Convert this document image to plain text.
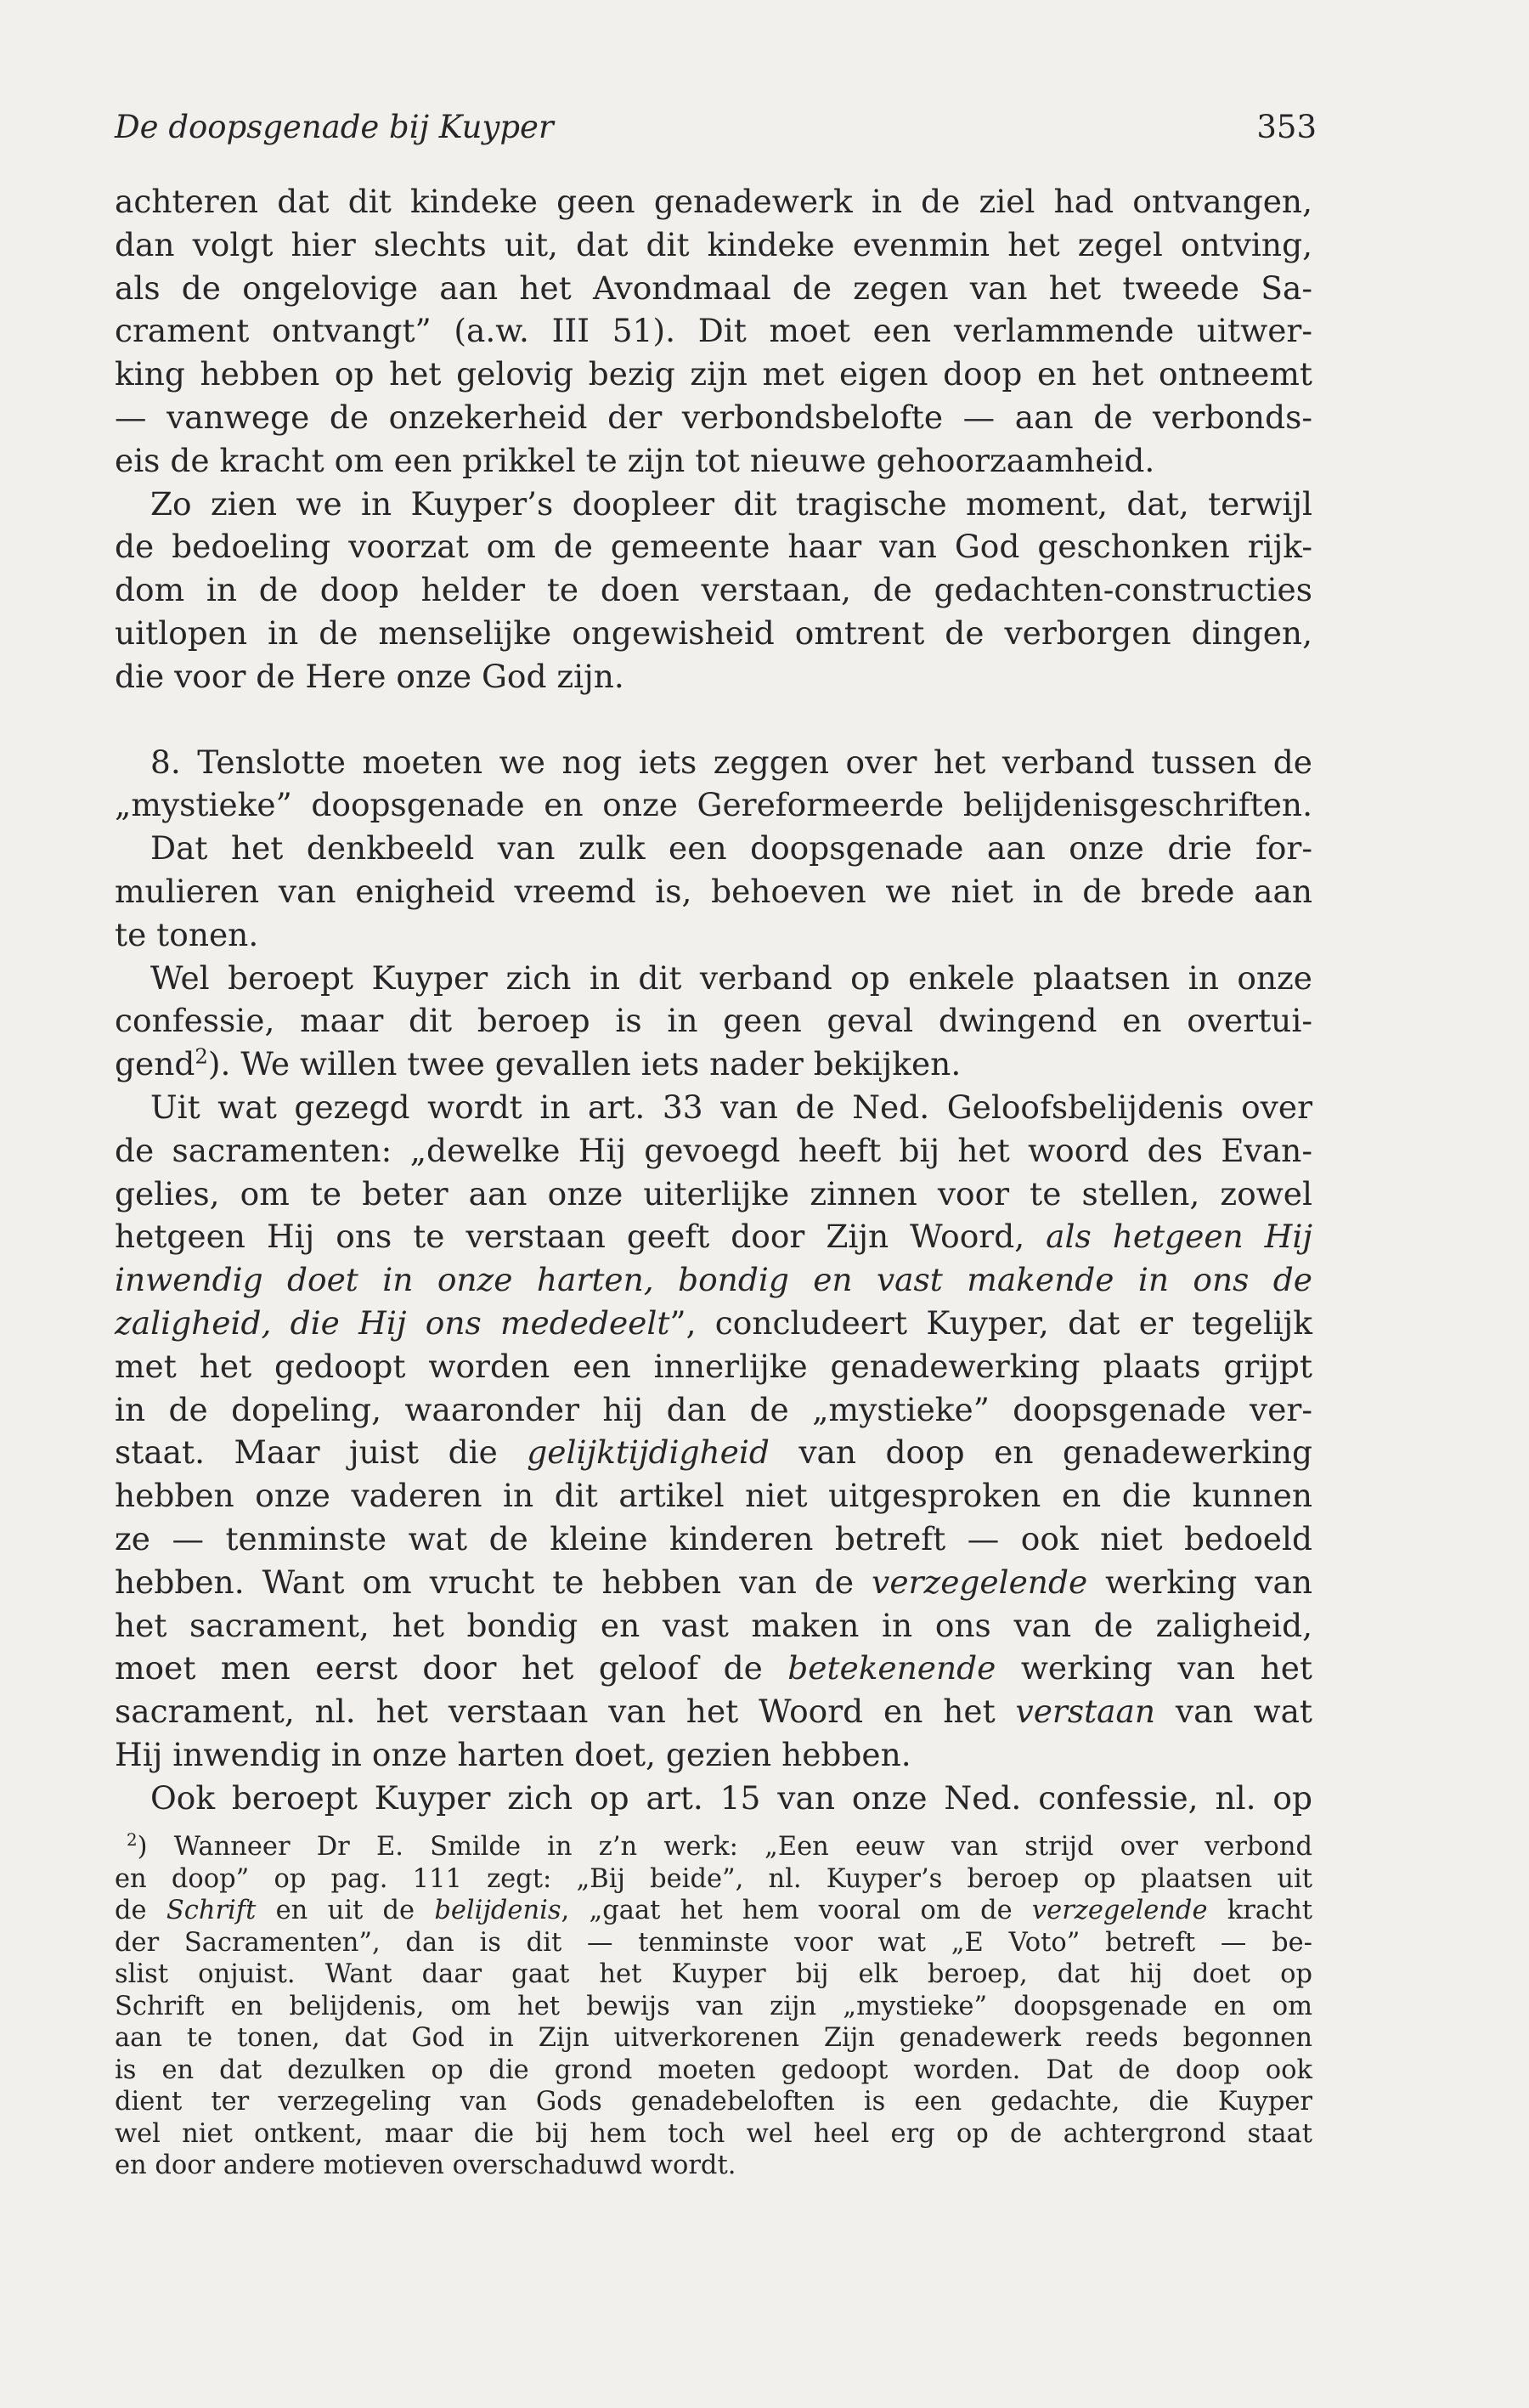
De doopsgenade bij Kuyper	353
achteren dat dit kindeke geen genadewerk in de ziel had ontvangen,
dan volgt hier slechts uit, dat dit kindeke evenmin het zegel ontving,
als de ongelovige aan het Avondmaal de zegen van het tweede Sa-
crament ontvangt” (a.w. III 51). Dit moet een verlammende uitwer-
king hebben op het gelovig bezig zijn met eigen doop en het ontneemt
— vanwege de onzekerheid der verbondsbelofte — aan de verbonds-
eis de kracht om een prikkel te zijn tot nieuwe gehoorzaamheid.
Zo zien we in Kuyper’s doopleer dit tragische moment, dat, terwijl
de bedoeling voorzat om de gemeente haar van God geschonken rijk-
dom in de doop helder te doen verstaan, de gedachten-constructies
uitlopen in de menselijke ongewisheid omtrent de verborgen dingen,
die voor de Here onze God zijn.
8. Tenslotte moeten we nog iets zeggen over het verband tussen de
„mystieke” doopsgenade en onze Gereformeerde belijdenisgeschriften.
Dat het denkbeeld van zulk een doopsgenade aan onze drie for-
mulieren van enigheid vreemd is, behoeven we niet in de brede aan
te tonen.
Wel beroept Kuyper zich in dit verband op enkele plaatsen in onze
confessie, maar dit beroep is in geen geval dwingend en overtui-
gend$^2$). We willen twee gevallen iets nader bekijken.
Uit wat gezegd wordt in art. 33 van de Ned. Geloofsbelijdenis over
de sacramenten: „dewelke Hij gevoegd heeft bij het woord des Evan-
gelies, om te beter aan onze uiterlijke zinnen voor te stellen, zowel
hetgeen Hij ons te verstaan geeft door Zijn Woord, als hetgeen Hij
inwendig doet in onze harten, bondig en vast makende in ons de
zaligheid, die Hij ons mededeelt”, concludeert Kuyper, dat er tegelijk
met het gedoopt worden een innerlijke genadewerking plaats grijpt
in de dopeling, waaronder hij dan de „mystieke” doopsgenade ver-
staat. Maar juist die gelijktijdigheid van doop en genadewerking
hebben onze vaderen in dit artikel niet uitgesproken en die kunnen
ze — tenminste wat de kleine kinderen betreft — ook niet bedoeld
hebben. Want om vrucht te hebben van de verzegelende werking van
het sacrament, het bondig en vast maken in ons van de zaligheid,
moet men eerst door het geloof de betekenende werking van het
sacrament, nl. het verstaan van het Woord en het verstaan van wat
Hij inwendig in onze harten doet, gezien hebben.
Ook beroept Kuyper zich op art. 15 van onze Ned. confessie, nl. op
$^2$) Wanneer Dr E. Smilde in z’n werk: „Een eeuw van strijd over verbond
en doop” op pag. 111 zegt: „Bij beide”, nl. Kuyper’s beroep op plaatsen uit
de Schrift en uit de belijdenis, „gaat het hem vooral om de verzegelende kracht
der Sacramenten”, dan is dit — tenminste voor wat „E Voto” betreft — be-
slist onjuist. Want daar gaat het Kuyper bij elk beroep, dat hij doet op
Schrift en belijdenis, om het bewijs van zijn „mystieke” doopsgenade en om
aan te tonen, dat God in Zijn uitverkorenen Zijn genadewerk reeds begonnen
is en dat dezulken op die grond moeten gedoopt worden. Dat de doop ook
dient ter verzegeling van Gods genadebeloften is een gedachte, die Kuyper
wel niet ontkent, maar die bij hem toch wel heel erg op de achtergrond staat
en door andere motieven overschaduwd wordt.
